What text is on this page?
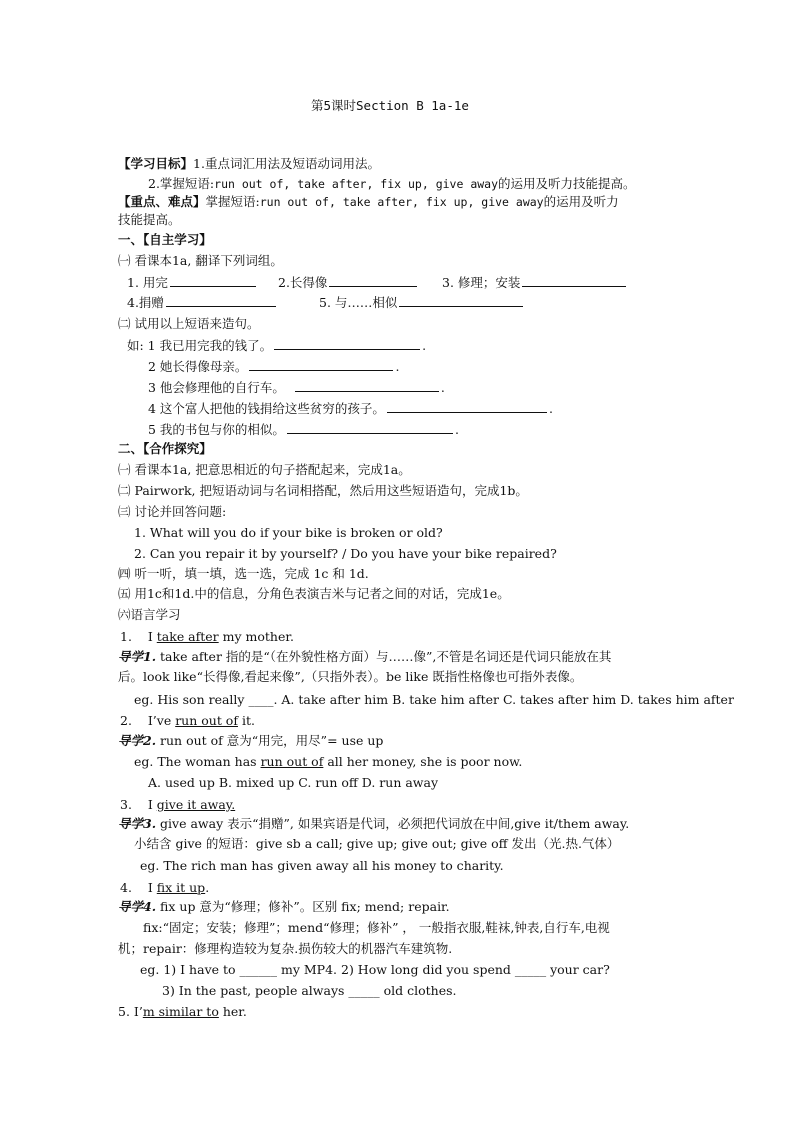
第5课时Section B 1a-1e
【学习目标】1.重点词汇用法及短语动词用法。
2.掌握短语:run out of, take after, fix up, give away的运用及听力技能提高。
【重点、难点】掌握短语:run out of, take after, fix up, give away的运用及听力
技能提高。
一、【自主学习】
㈠ 看课本1a, 翻译下列词组。
1. 用完	2.长得像	3. 修理；安装
4.捐赠	5. 与……相似
㈡ 试用以上短语来造句。
如: 1 我已用完我的钱了。	.
2 她长得像母亲。	.
3 他会修理他的自行车。	.
4 这个富人把他的钱捐给这些贫穷的孩子。	.
5 我的书包与你的相似。	.
二、【合作探究】
㈠ 看课本1a, 把意思相近的句子搭配起来，完成1a。
㈡ Pairwork, 把短语动词与名词相搭配，然后用这些短语造句，完成1b。
㈢ 讨论并回答问题:
1. What will you do if your bike is broken or old?
2. Can you repair it by yourself? / Do you have your bike repaired?
㈣ 听一听，填一填，选一选，完成 1c 和 1d.
㈤ 用1c和1d.中的信息，分角色表演吉米与记者之间的对话，完成1e。
㈥语言学习
1. I take after my mother.
导学1. take after 指的是“（在外貌性格方面）与……像”,不管是名词还是代词只能放在其
后。look like“长得像,看起来像”,（只指外表）。be like 既指性格像也可指外表像。
eg. His son really ____. A. take after him B. take him after C. takes after him D. takes him after
2. I’ve run out of it.
导学2. run out of 意为“用完，用尽”= use up
eg. The woman has run out of all her money, she is poor now.
A. used up B. mixed up C. run off D. run away
3. I give it away.
导学3. give away 表示“捐赠”, 如果宾语是代词，必须把代词放在中间,give it/them away.
小结含 give 的短语：give sb a call; give up; give out; give off 发出（光.热.气体）
eg. The rich man has given away all his money to charity.
4. I fix it up.
导学4. fix up 意为“修理；修补”。区别 fix; mend; repair.
fix:“固定；安装；修理”；mend“修理；修补” ， 一般指衣服,鞋袜,钟表,自行车,电视
机；repair：修理构造较为复杂.损伤较大的机器汽车建筑物.
eg. 1) I have to ______ my MP4. 2) How long did you spend _____ your car?
3) In the past, people always _____ old clothes.
5. I’m similar to her.
